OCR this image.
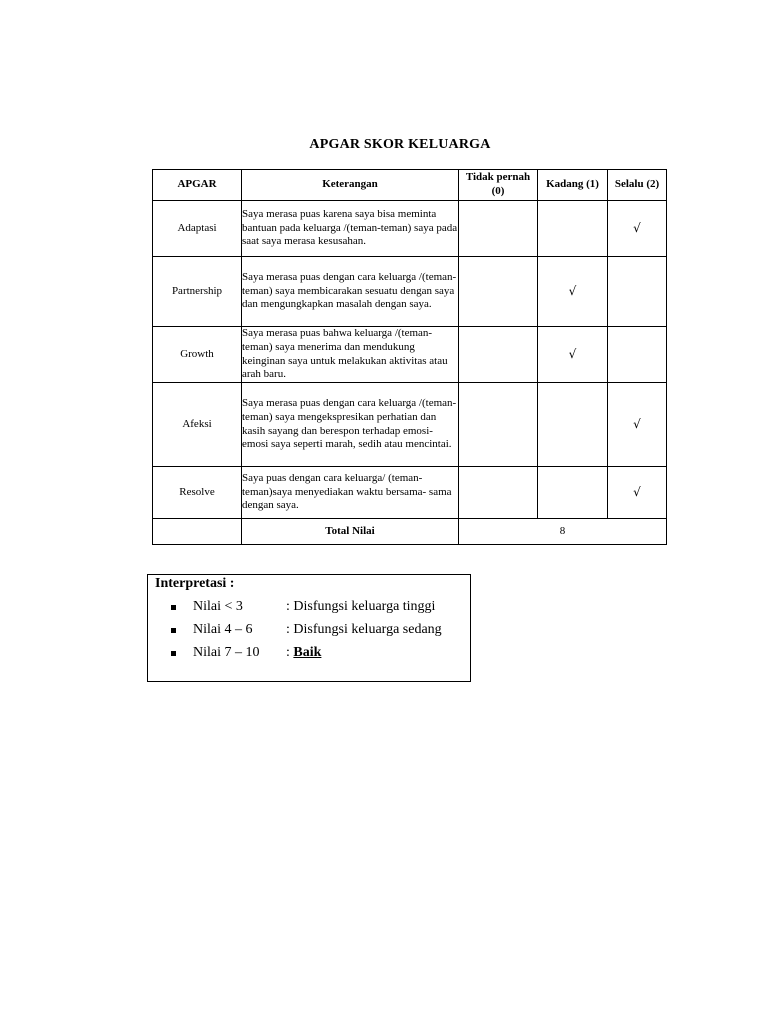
APGAR SKOR KELUARGA
APGAR	Keterangan	Tidak pernah (0)	Kadang (1)	Selalu (2)
Adaptasi	Saya merasa puas karena saya bisa meminta bantuan pada keluarga /(teman-teman) saya pada saat saya merasa kesusahan.			√
Partnership	Saya merasa puas dengan cara keluarga /(teman-teman) saya membicarakan sesuatu dengan saya dan mengungkapkan masalah dengan saya.		√	
Growth	Saya merasa puas bahwa keluarga /(teman-teman) saya menerima dan mendukung keinginan saya untuk melakukan aktivitas atau arah baru.		√	
Afeksi	Saya merasa puas dengan cara keluarga /(teman-teman) saya mengekspresikan perhatian dan kasih sayang dan berespon terhadap emosi-emosi saya seperti marah, sedih atau mencintai.			√
Resolve	Saya puas dengan cara keluarga/ (teman-teman)saya menyediakan waktu bersama- sama dengan saya.			√
	Total Nilai	8		
Interpretasi :
Nilai < 3	: Disfungsi keluarga tinggi
Nilai 4 – 6 : Disfungsi keluarga sedang
Nilai 7 – 10 : Baik
